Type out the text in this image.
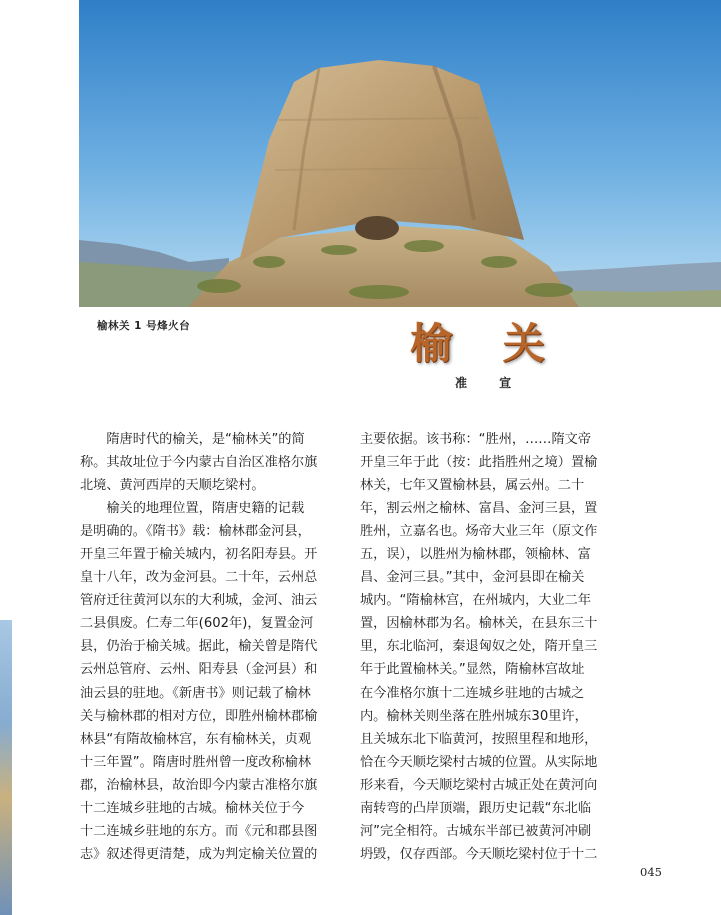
榆林关 1 号烽火台	榆 关
准 宣

　　隋唐时代的榆关，是“榆林关”的简

称。其故址位于今内蒙古自治区准格尔旗

北境、黄河西岸的天顺圪梁村。

　　榆关的地理位置，隋唐史籍的记载

是明确的。《隋书》载：榆林郡金河县，

开皇三年置于榆关城内，初名阳寿县。开

皇十八年，改为金河县。二十年，云州总

管府迁往黄河以东的大利城，金河、油云

二县俱废。仁寿二年(602年)，复置金河

县，仍治于榆关城。据此，榆关曾是隋代

云州总管府、云州、阳寿县（金河县）和

油云县的驻地。《新唐书》则记载了榆林

关与榆林郡的相对方位，即胜州榆林郡榆

林县“有隋故榆林宫，东有榆林关，贞观

十三年置”。隋唐时胜州曾一度改称榆林

郡，治榆林县，故治即今内蒙古准格尔旗

十二连城乡驻地的古城。榆林关位于今

十二连城乡驻地的东方。而《元和郡县图

志》叙述得更清楚，成为判定榆关位置的

主要依据。该书称：“胜州，……隋文帝

开皇三年于此（按：此指胜州之境）置榆

林关，七年又置榆林县，属云州。二十

年，割云州之榆林、富昌、金河三县，置

胜州，立嘉名也。炀帝大业三年（原文作

五，误），以胜州为榆林郡，领榆林、富

昌、金河三县。”其中，金河县即在榆关

城内。“隋榆林宫，在州城内，大业二年

置，因榆林郡为名。榆林关，在县东三十

里，东北临河，秦退匈奴之处，隋开皇三

年于此置榆林关。”显然，隋榆林宫故址

在今准格尔旗十二连城乡驻地的古城之

内。榆林关则坐落在胜州城东30里许，

且关城东北下临黄河，按照里程和地形，

恰在今天顺圪梁村古城的位置。从实际地

形来看，今天顺圪梁村古城正处在黄河向

南转弯的凸岸顶端，跟历史记载“东北临

河”完全相符。古城东半部已被黄河冲刷

坍毁，仅存西部。今天顺圪梁村位于十二

045
